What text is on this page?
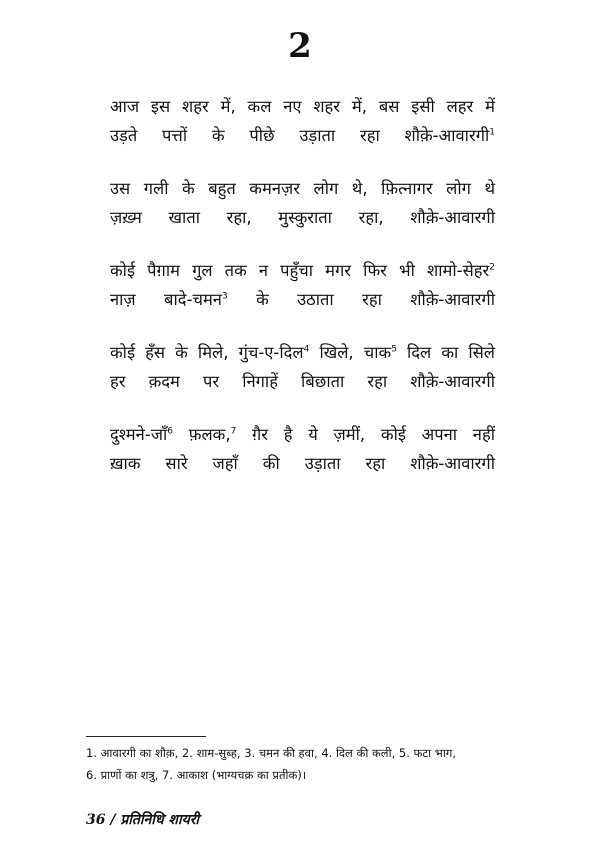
2
आज इस शहर में, कल नए शहर में, बस इसी लहर में
उड़ते पत्तों के पीछे उड़ाता रहा शौक़े-आवारगी$^1$
उस गली के बहुत कमनज़र लोग थे, फ़ित्नागर लोग थे
ज़ख़्म खाता रहा, मुस्कुराता रहा, शौक़े-आवारगी
कोई पैग़ाम गुल तक न पहुँचा मगर फिर भी शामो-सेहर$^2$
नाज़ बादे-चमन$^3$ के उठाता रहा शौक़े-आवारगी
कोई हँस के मिले, गुंच-ए-दिल$^4$ खिले, चाक$^5$ दिल का सिले
हर क़दम पर निगाहें बिछाता रहा शौक़े-आवारगी
दुश्मने-जाँ$^6$ फ़लक,$^7$ ग़ैर है ये ज़मीं, कोई अपना नहीं
ख़ाक सारे जहाँ की उड़ाता रहा शौक़े-आवारगी
1. आवारगी का शौक़, 2. शाम-सुब्ह, 3. चमन की हवा, 4. दिल की कली, 5. फटा भाग,
6. प्राणों का शत्रु, 7. आकाश (भाग्यचक्र का प्रतीक)।
36 / प्रतिनिधि शायरी
